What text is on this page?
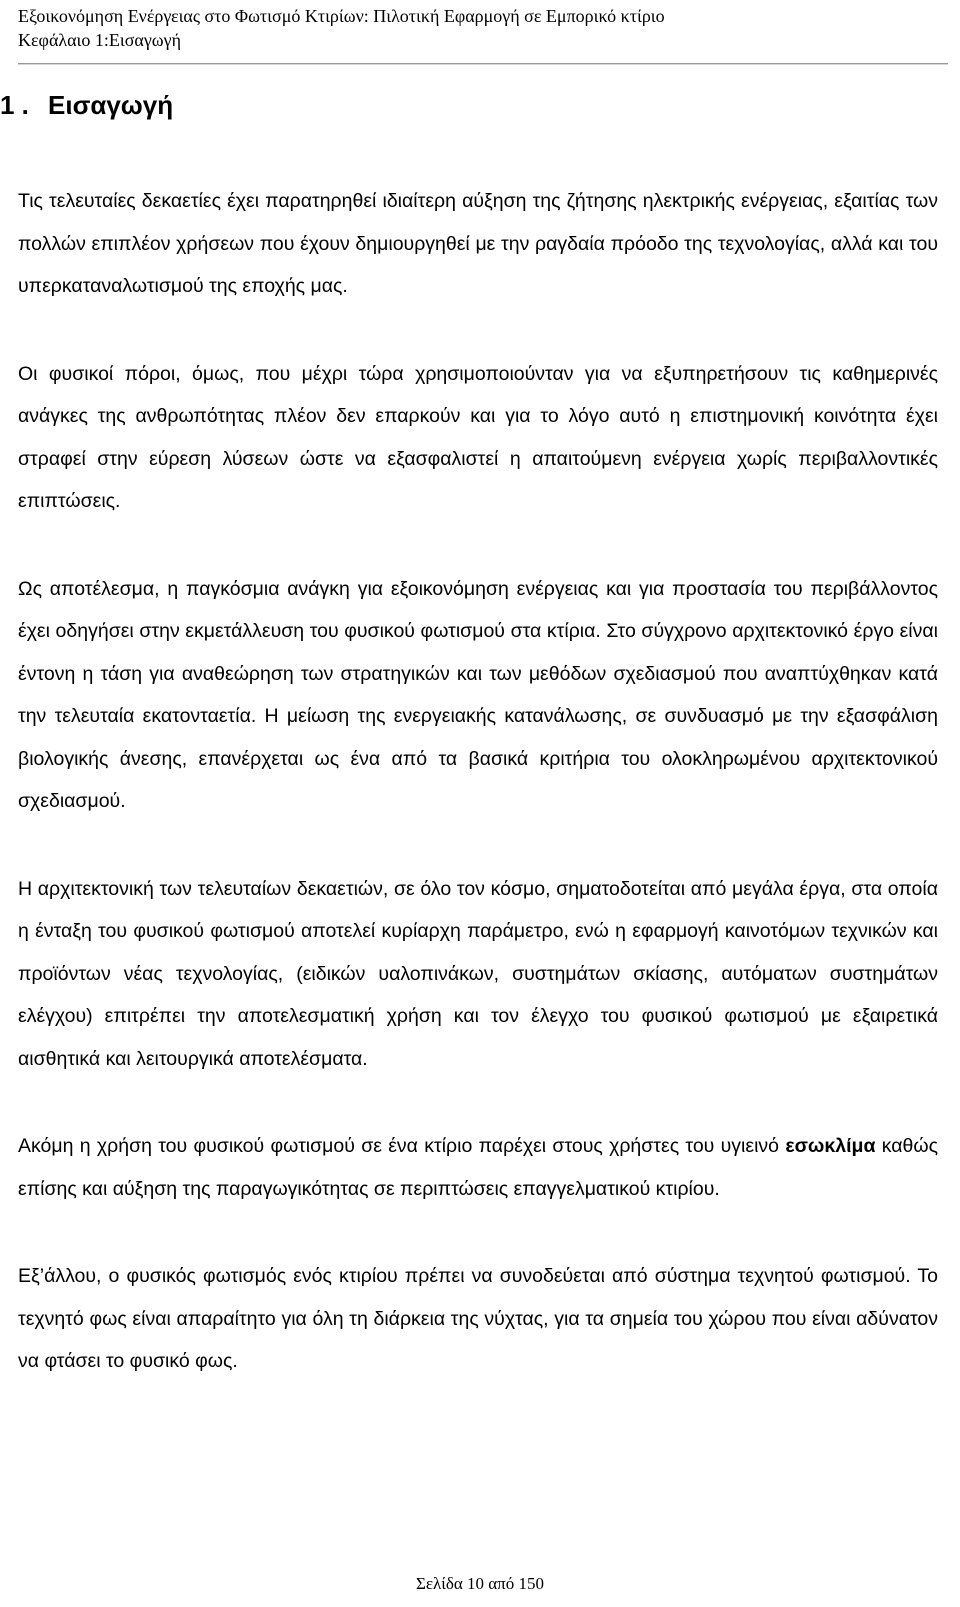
Εξοικονόμηση Ενέργειας στο Φωτισμό Κτιρίων: Πιλοτική Εφαρμογή σε Εμπορικό κτίριο
Κεφάλαιο 1:Εισαγωγή
1 . Εισαγωγή

Τις τελευταίες δεκαετίες έχει παρατηρηθεί ιδιαίτερη αύξηση της ζήτησης ηλεκτρικής ενέργειας, εξαιτίας των πολλών επιπλέον χρήσεων που έχουν δημιουργηθεί με την ραγδαία πρόοδο της τεχνολογίας, αλλά και του υπερκαταναλωτισμού της εποχής μας.

Οι φυσικοί πόροι, όμως, που μέχρι τώρα χρησιμοποιούνταν για να εξυπηρετήσουν τις καθημερινές ανάγκες της ανθρωπότητας πλέον δεν επαρκούν και για το λόγο αυτό η επιστημονική κοινότητα έχει στραφεί στην εύρεση λύσεων ώστε να εξασφαλιστεί η απαιτούμενη ενέργεια χωρίς περιβαλλοντικές επιπτώσεις.

Ως αποτέλεσμα, η παγκόσμια ανάγκη για εξοικονόμηση ενέργειας και για προστασία του περιβάλλοντος έχει οδηγήσει στην εκμετάλλευση του φυσικού φωτισμού στα κτίρια. Στο σύγχρονο αρχιτεκτονικό έργο είναι έντονη η τάση για αναθεώρηση των στρατηγικών και των μεθόδων σχεδιασμού που αναπτύχθηκαν κατά την τελευταία εκατονταετία. Η μείωση της ενεργειακής κατανάλωσης, σε συνδυασμό με την εξασφάλιση βιολογικής άνεσης, επανέρχεται ως ένα από τα βασικά κριτήρια του ολοκληρωμένου αρχιτεκτονικού σχεδιασμού.

Η αρχιτεκτονική των τελευταίων δεκαετιών, σε όλο τον κόσμο, σηματοδοτείται από μεγάλα έργα, στα οποία η ένταξη του φυσικού φωτισμού αποτελεί κυρίαρχη παράμετρο, ενώ η εφαρμογή καινοτόμων τεχνικών και προϊόντων νέας τεχνολογίας, (ειδικών υαλοπινάκων, συστημάτων σκίασης, αυτόματων συστημάτων ελέγχου) επιτρέπει την αποτελεσματική χρήση και τον έλεγχο του φυσικού φωτισμού με εξαιρετικά αισθητικά και λειτουργικά αποτελέσματα.

Ακόμη η χρήση του φυσικού φωτισμού σε ένα κτίριο παρέχει στους χρήστες του υγιεινό εσωκλίμα καθώς επίσης και αύξηση της παραγωγικότητας σε περιπτώσεις επαγγελματικού κτιρίου.

Εξ’άλλου, ο φυσικός φωτισμός ενός κτιρίου πρέπει να συνοδεύεται από σύστημα τεχνητού φωτισμού. Το τεχνητό φως είναι απαραίτητο για όλη τη διάρκεια της νύχτας, για τα σημεία του χώρου που είναι αδύνατον να φτάσει το φυσικό φως.

Σελίδα 10 από 150
